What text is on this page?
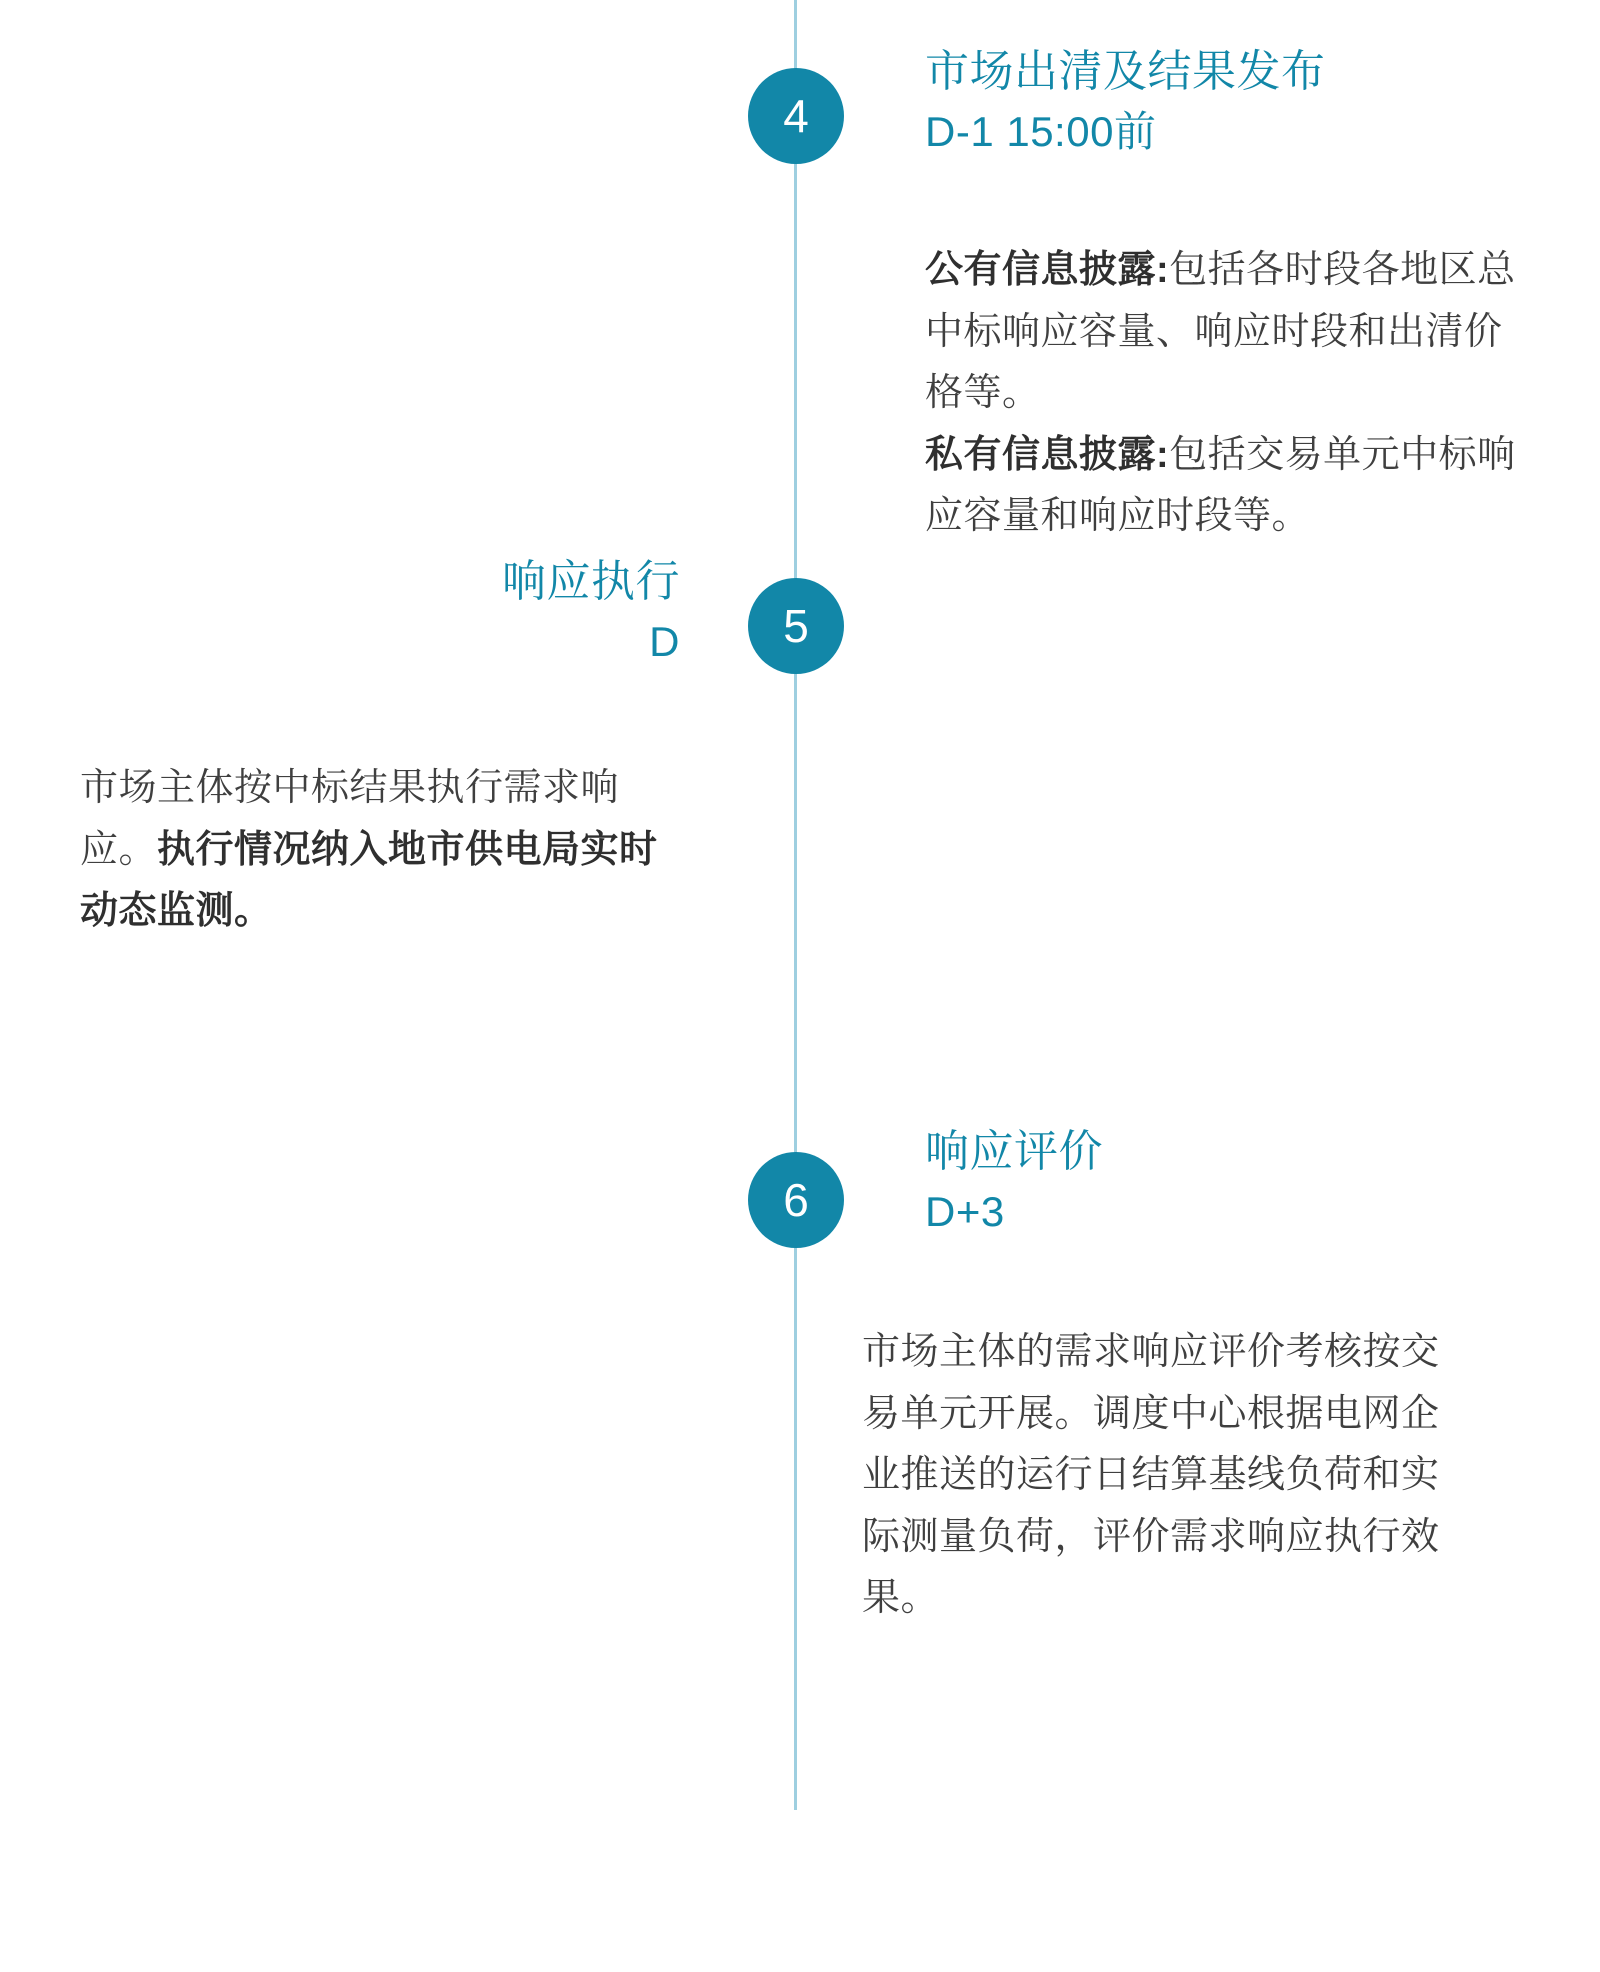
4
市场出清及结果发布
D-1 15:00前

公有信息披露:包括各时段各地区总中标响应容量、响应时段和出清价格等。

私有信息披露:包括交易单元中标响应容量和响应时段等。

5
响应执行
D

市场主体按中标结果执行需求响应。执行情况纳入地市供电局实时动态监测。

6
响应评价
D+3

市场主体的需求响应评价考核按交易单元开展。调度中心根据电网企业推送的运行日结算基线负荷和实际测量负荷，评价需求响应执行效果。
